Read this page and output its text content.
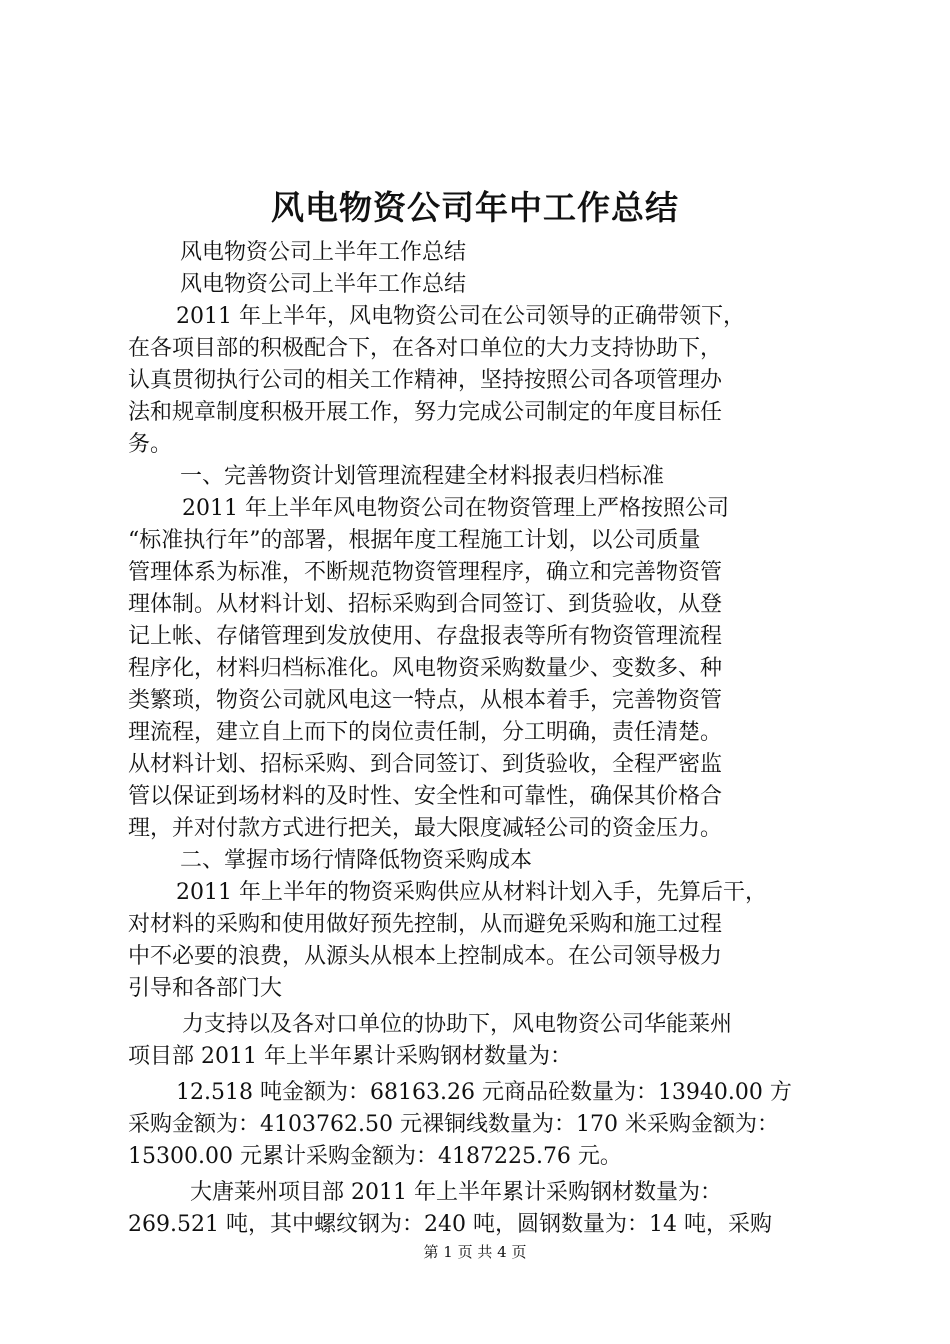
风电物资公司年中工作总结
风电物资公司上半年工作总结
风电物资公司上半年工作总结
2011 年上半年，风电物资公司在公司领导的正确带领下，
在各项目部的积极配合下，在各对口单位的大力支持协助下，
认真贯彻执行公司的相关工作精神，坚持按照公司各项管理办
法和规章制度积极开展工作，努力完成公司制定的年度目标任
务。
一、完善物资计划管理流程建全材料报表归档标准
2011 年上半年风电物资公司在物资管理上严格按照公司
“标准执行年”的部署，根据年度工程施工计划，以公司质量
管理体系为标准，不断规范物资管理程序，确立和完善物资管
理体制。从材料计划、招标采购到合同签订、到货验收，从登
记上帐、存储管理到发放使用、存盘报表等所有物资管理流程
程序化，材料归档标准化。风电物资采购数量少、变数多、种
类繁琐，物资公司就风电这一特点，从根本着手，完善物资管
理流程，建立自上而下的岗位责任制，分工明确，责任清楚。
从材料计划、招标采购、到合同签订、到货验收，全程严密监
管以保证到场材料的及时性、安全性和可靠性，确保其价格合
理，并对付款方式进行把关，最大限度减轻公司的资金压力。
二、掌握市场行情降低物资采购成本
2011 年上半年的物资采购供应从材料计划入手，先算后干，
对材料的采购和使用做好预先控制，从而避免采购和施工过程
中不必要的浪费，从源头从根本上控制成本。在公司领导极力
引导和各部门大
力支持以及各对口单位的协助下，风电物资公司华能莱州
项目部 2011 年上半年累计采购钢材数量为：
12.518 吨金额为：68163.26 元商品砼数量为：13940.00 方
采购金额为：4103762.50 元裸铜线数量为：170 米采购金额为：
15300.00 元累计采购金额为：4187225.76 元。
大唐莱州项目部 2011 年上半年累计采购钢材数量为：
269.521 吨，其中螺纹钢为：240 吨，圆钢数量为：14 吨，采购
第 1 页 共 4 页
